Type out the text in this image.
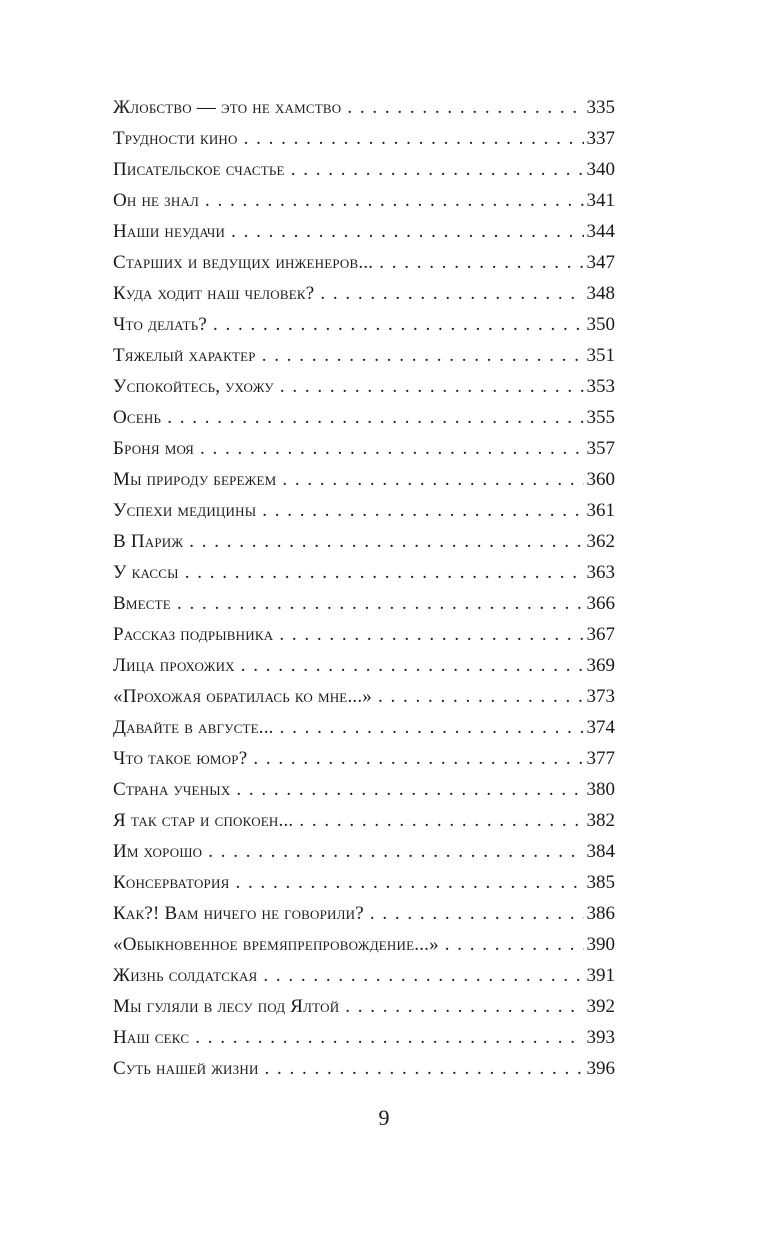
Жлобство — это не хамство . . .	335
Трудности кино . . .	337
Писательское счастье . . .	340
Он не знал . . .	341
Наши неудачи . . .	344
Старших и ведущих инженеров... . . .	347
Куда ходит наш человек? . . .	348
Что делать? . . .	350
Тяжелый характер . . .	351
Успокойтесь, ухожу . . .	353
Осень . . .	355
Броня моя . . .	357
Мы природу бережем . . .	360
Успехи медицины . . .	361
В Париж . . .	362
У кассы . . .	363
Вместе . . .	366
Рассказ подрывника . . .	367
Лица прохожих . . .	369
«Прохожая обратилась ко мне...» . . .	373
Давайте в августе... . . .	374
Что такое юмор? . . .	377
Страна ученых . . .	380
Я так стар и спокоен... . . .	382
Им хорошо . . .	384
Консерватория . . .	385
Как?! Вам ничего не говорили? . . .	386
«Обыкновенное времяпрепровождение...» . . .	390
Жизнь солдатская . . .	391
Мы гуляли в лесу под Ялтой . . .	392
Наш секс . . .	393
Суть нашей жизни . . .	396
9
